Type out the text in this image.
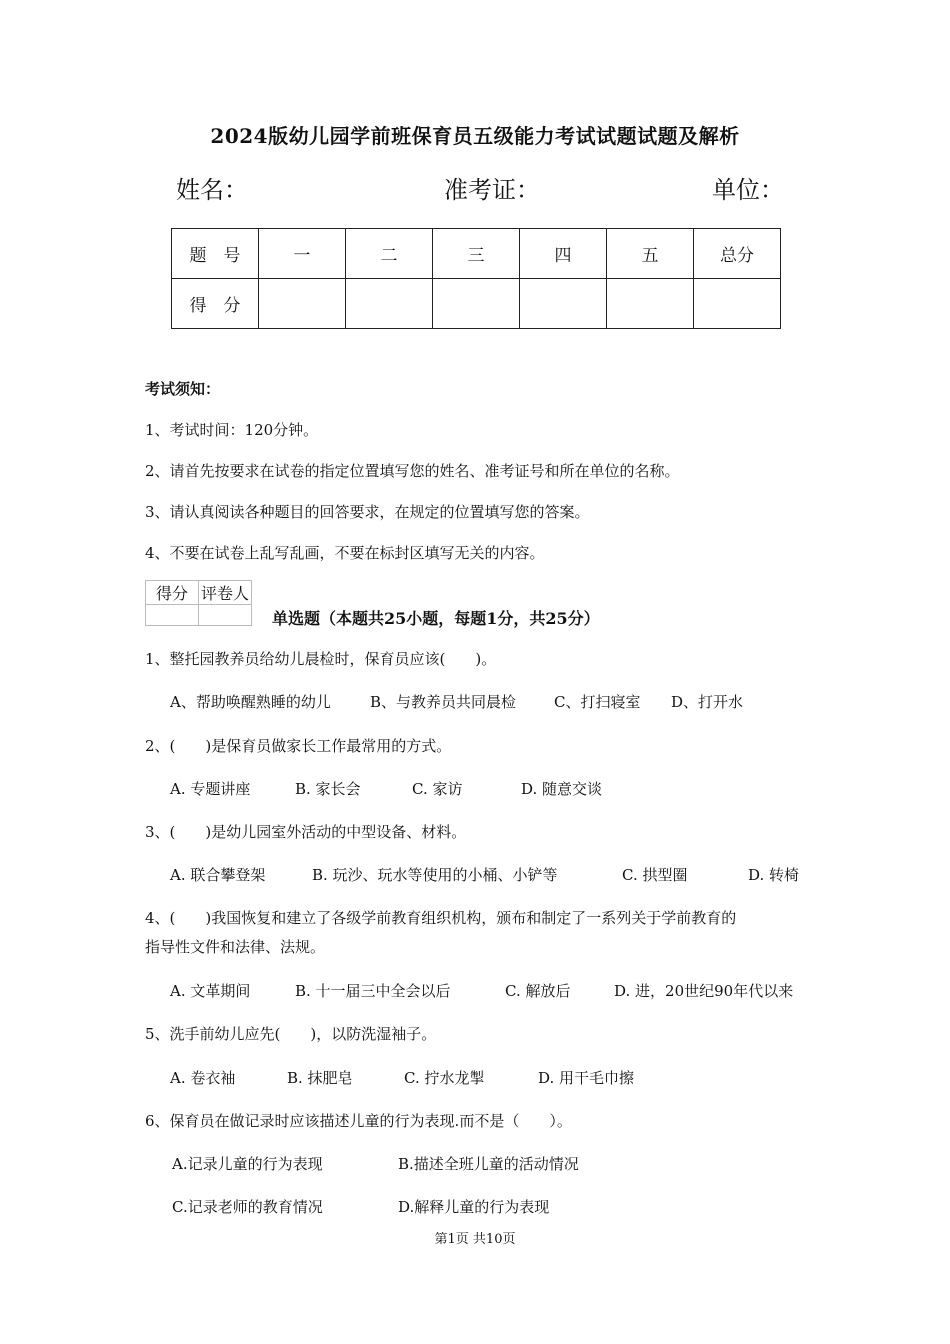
2024版幼儿园学前班保育员五级能力考试试题试题及解析
姓名：	准考证：	单位：
题　号	一	二	三	四	五	总分
得　分						
考试须知：
1、考试时间：120分钟。
2、请首先按要求在试卷的指定位置填写您的姓名、准考证号和所在单位的名称。
3、请认真阅读各种题目的回答要求，在规定的位置填写您的答案。
4、不要在试卷上乱写乱画，不要在标封区填写无关的内容。
得分	评卷人

单选题（本题共25小题，每题1分，共25分）
1、整托园教养员给幼儿晨检时，保育员应该(　　)。
A、帮助唤醒熟睡的幼儿	B、与教养员共同晨检	C、打扫寝室 D、打开水
2、(　　)是保育员做家长工作最常用的方式。
A. 专题讲座	B. 家长会	C. 家访	D. 随意交谈
3、(　　)是幼儿园室外活动的中型设备、材料。
A. 联合攀登架	B. 玩沙、玩水等使用的小桶、小铲等	C. 拱型圈	D. 转椅
4、(　　)我国恢复和建立了各级学前教育组织机构，颁布和制定了一系列关于学前教育的
指导性文件和法律、法规。
A. 文革期间	B. 十一届三中全会以后	C. 解放后	D. 进，20世纪90年代以来
5、洗手前幼儿应先(　　)，以防洗湿袖子。
A. 卷衣袖	B. 抹肥皂	C. 拧水龙掣	D. 用干毛巾擦
6、保育员在做记录时应该描述儿童的行为表现.而不是（　　）。
A.记录儿童的行为表现	B.描述全班儿童的活动情况
C.记录老师的教育情况	D.解释儿童的行为表现
第1页 共10页
